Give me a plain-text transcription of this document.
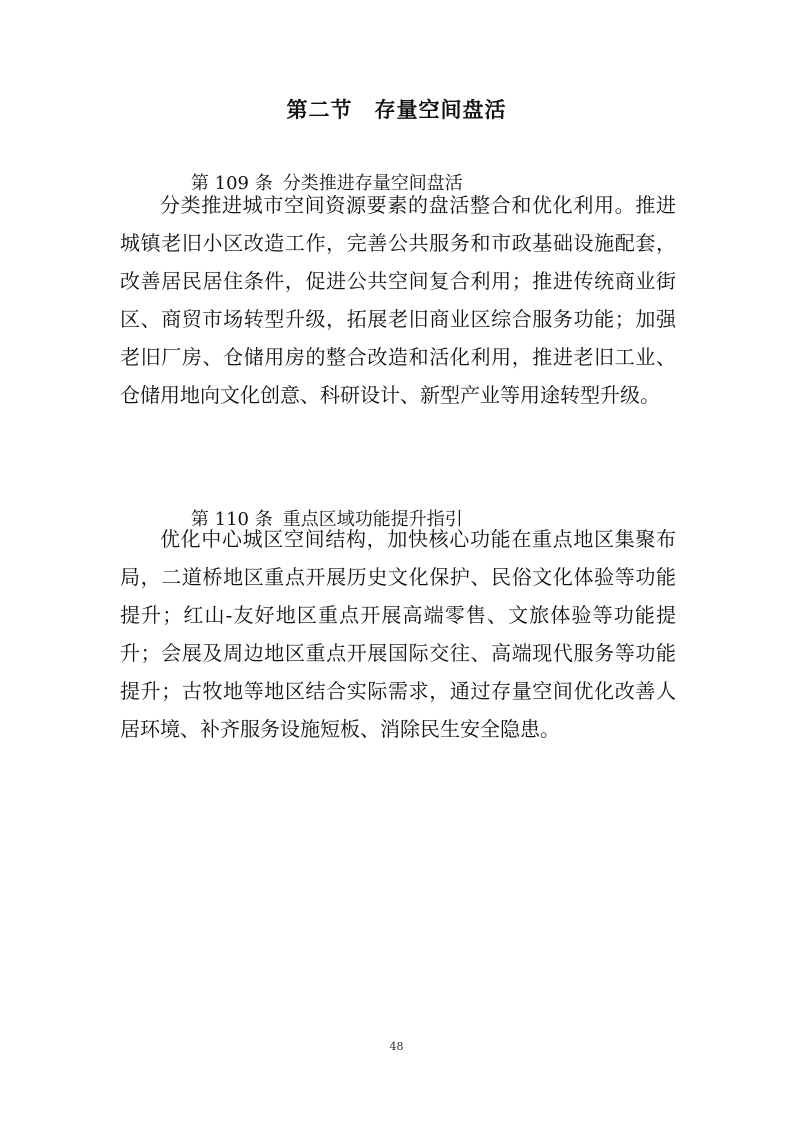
第二节　存量空间盘活

第 109 条 分类推进存量空间盘活

分类推进城市空间资源要素的盘活整合和优化利用。推进城镇老旧小区改造工作，完善公共服务和市政基础设施配套，改善居民居住条件，促进公共空间复合利用；推进传统商业街区、商贸市场转型升级，拓展老旧商业区综合服务功能；加强老旧厂房、仓储用房的整合改造和活化利用，推进老旧工业、仓储用地向文化创意、科研设计、新型产业等用途转型升级。

第 110 条 重点区域功能提升指引

优化中心城区空间结构，加快核心功能在重点地区集聚布局，二道桥地区重点开展历史文化保护、民俗文化体验等功能提升；红山-友好地区重点开展高端零售、文旅体验等功能提升；会展及周边地区重点开展国际交往、高端现代服务等功能提升；古牧地等地区结合实际需求，通过存量空间优化改善人居环境、补齐服务设施短板、消除民生安全隐患。

48
